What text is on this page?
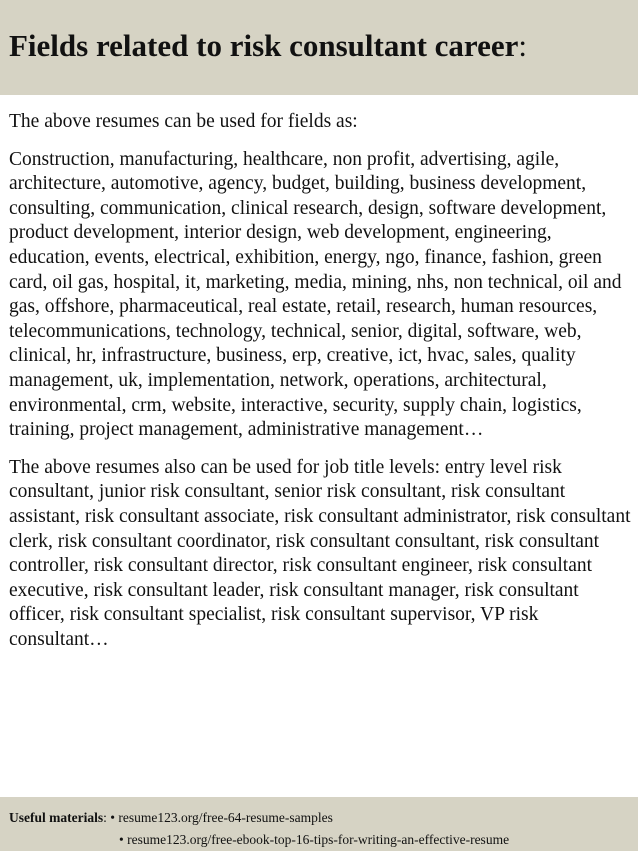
Fields related to risk consultant career:

The above resumes can be used for fields as:

Construction, manufacturing, healthcare, non profit, advertising, agile, architecture, automotive, agency, budget, building, business development, consulting, communication, clinical research, design, software development, product development, interior design, web development, engineering, education, events, electrical, exhibition, energy, ngo, finance, fashion, green card, oil gas, hospital, it, marketing, media, mining, nhs, non technical, oil and gas, offshore, pharmaceutical, real estate, retail, research, human resources, telecommunications, technology, technical, senior, digital, software, web, clinical, hr, infrastructure, business, erp, creative, ict, hvac, sales, quality management, uk, implementation, network, operations, architectural, environmental, crm, website, interactive, security, supply chain, logistics, training, project management, administrative management…

The above resumes also can be used for job title levels: entry level risk consultant, junior risk consultant, senior risk consultant, risk consultant assistant, risk consultant associate, risk consultant administrator, risk consultant clerk, risk consultant coordinator, risk consultant consultant, risk consultant controller, risk consultant director, risk consultant engineer, risk consultant executive, risk consultant leader, risk consultant manager, risk consultant officer, risk consultant specialist, risk consultant supervisor, VP risk consultant…

Useful materials: • resume123.org/free-64-resume-samples
• resume123.org/free-ebook-top-16-tips-for-writing-an-effective-resume
